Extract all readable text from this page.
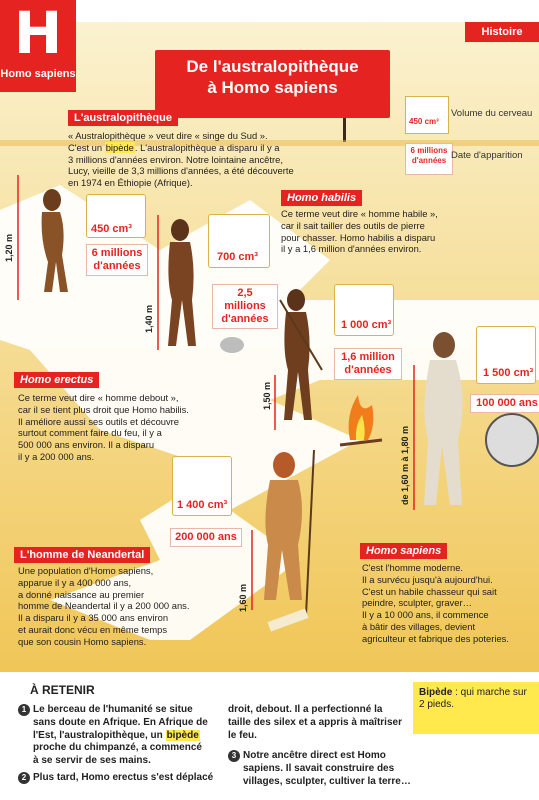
H
Homo sapiens
Histoire
De l'australopithèque
à Homo sapiens
450 cm³
Volume du cerveau
6 millions d'années Date d'apparition
L'australopithèque
« Australopithèque » veut dire « singe du Sud ».
C'est un bipède. L'australopithèque a disparu il y a
3 millions d'années environ. Notre lointaine ancêtre,
Lucy, vieille de 3,3 millions d'années, a été découverte
en 1974 en Éthiopie (Afrique).
450 cm³
6 millions d'années
1,20 m
Homo habilis
Ce terme veut dire « homme habile »,
car il sait tailler des outils de pierre
pour chasser. Homo habilis a disparu
il y a 1,6 million d'années environ.
700 cm³
2,5 millions d'années
1,40 m	1 000 cm³
1,6 million d'années
1,50 m
1 500 cm³
100 000 ans
de 1,60 m à 1,80 m
Homo erectus
Ce terme veut dire « homme debout »,
car il se tient plus droit que Homo habilis.
Il améliore aussi ses outils et découvre
surtout comment faire du feu, il y a
500 000 ans environ. Il a disparu
il y a 200 000 ans.
1 400 cm³
200 000 ans
1,60 m
L'homme de Neandertal
Une population d'Homo sapiens,
apparue il y a 400 000 ans,
a donné naissance au premier
homme de Neandertal il y a 200 000 ans.
Il a disparu il y a 35 000 ans environ
et aurait donc vécu en même temps
que son cousin Homo sapiens.
Homo sapiens
C'est l'homme moderne.
Il a survécu jusqu'à aujourd'hui.
C'est un habile chasseur qui sait
peindre, sculpter, graver…
Il y a 10 000 ans, il commence
à bâtir des villages, devient
agriculteur et fabrique des poteries.
À RETENIR
1 Le berceau de l'humanité se situe
sans doute en Afrique. En Afrique de
l'Est, l'australopithèque, un bipède
proche du chimpanzé, a commencé
à se servir de ses mains.
2 Plus tard, Homo erectus s'est déplacé
droit, debout. Il a perfectionné la
taille des silex et a appris à maîtriser
le feu.
3 Notre ancêtre direct est Homo
sapiens. Il savait construire des
villages, sculpter, cultiver la terre…
Bipède : qui marche sur 2 pieds.
